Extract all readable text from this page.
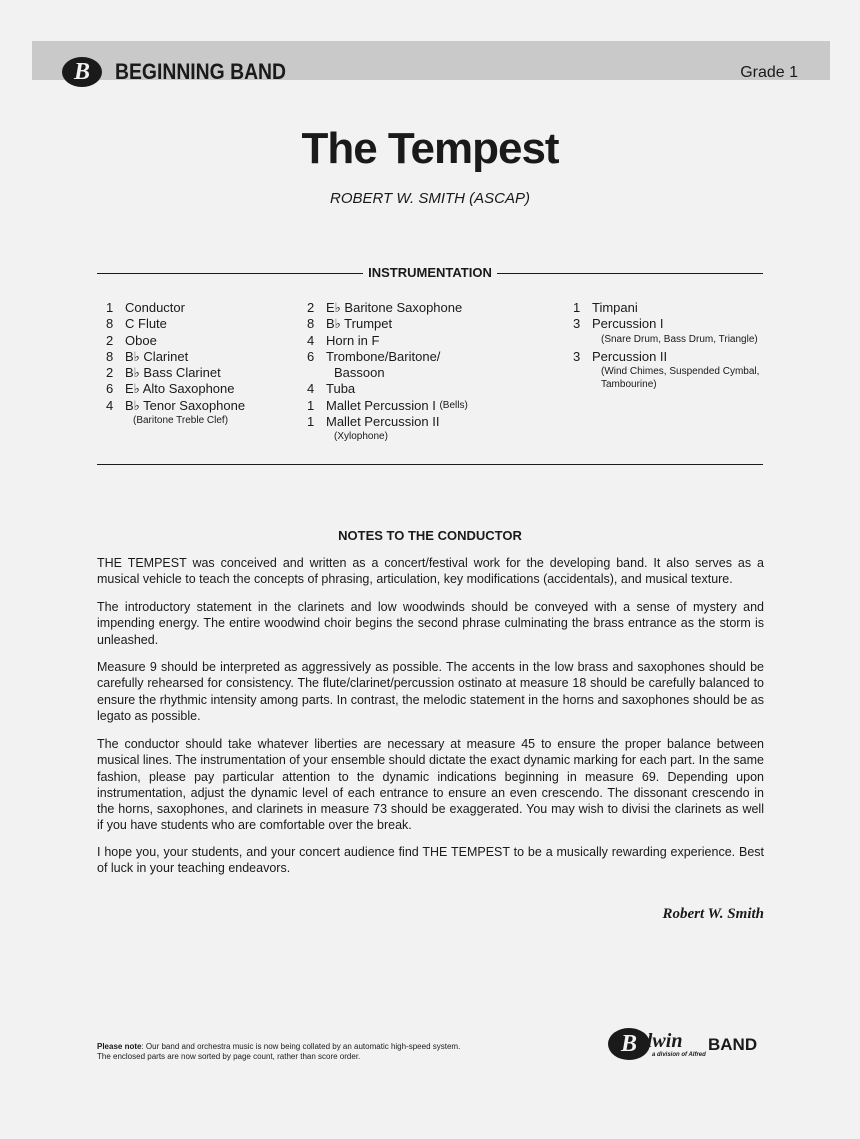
B	BEGINNING BAND	Grade 1
The Tempest
ROBERT W. SMITH (ASCAP)
INSTRUMENTATION
1 Conductor
8 C Flute
2 Oboe
8 B♭ Clarinet
2 B♭ Bass Clarinet
6 E♭ Alto Saxophone
4 B♭ Tenor Saxophone
(Baritone Treble Clef)
2 E♭ Baritone Saxophone
8 B♭ Trumpet
4 Horn in F
6 Trombone/Baritone/
Bassoon
4 Tuba
1 Mallet Percussion I
(Bells)
1 Mallet Percussion II
(Xylophone)
1 Timpani
3 Percussion I
(Snare Drum, Bass Drum, Triangle)
3 Percussion II
(Wind Chimes, Suspended Cymbal,
Tambourine)
NOTES TO THE CONDUCTOR

THE TEMPEST was conceived and written as a concert/festival work for the developing band. It also serves as a musical vehicle to teach the concepts of phrasing, articulation, key modifications (accidentals), and musical texture.

The introductory statement in the clarinets and low woodwinds should be conveyed with a sense of mystery and impending energy. The entire woodwind choir begins the second phrase culminating the brass entrance as the storm is unleashed.

Measure 9 should be interpreted as aggressively as possible. The accents in the low brass and saxophones should be carefully rehearsed for consistency. The flute/clarinet/percussion ostinato at measure 18 should be carefully balanced to ensure the rhythmic intensity among parts. In contrast, the melodic statement in the horns and saxophones should be as legato as possible.

The conductor should take whatever liberties are necessary at measure 45 to ensure the proper balance between musical lines. The instrumentation of your ensemble should dictate the exact dynamic marking for each part. In the same fashion, please pay particular attention to the dynamic indications beginning in measure 69. Depending upon instrumentation, adjust the dynamic level of each entrance to ensure an even crescendo. The dissonant crescendo in the horns, saxophones, and clarinets in measure 73 should be exaggerated. You may wish to divisi the clarinets as well if you have students who are comfortable over the break.

I hope you, your students, and your concert audience find THE TEMPEST to be a musically rewarding experience. Best of luck in your teaching endeavors.

Robert W. Smith
Please note: Our band and orchestra music is now being collated by an automatic high-speed system.
The enclosed parts are now sorted by page count, rather than score order.	B elwin BAND
a division of Alfred
